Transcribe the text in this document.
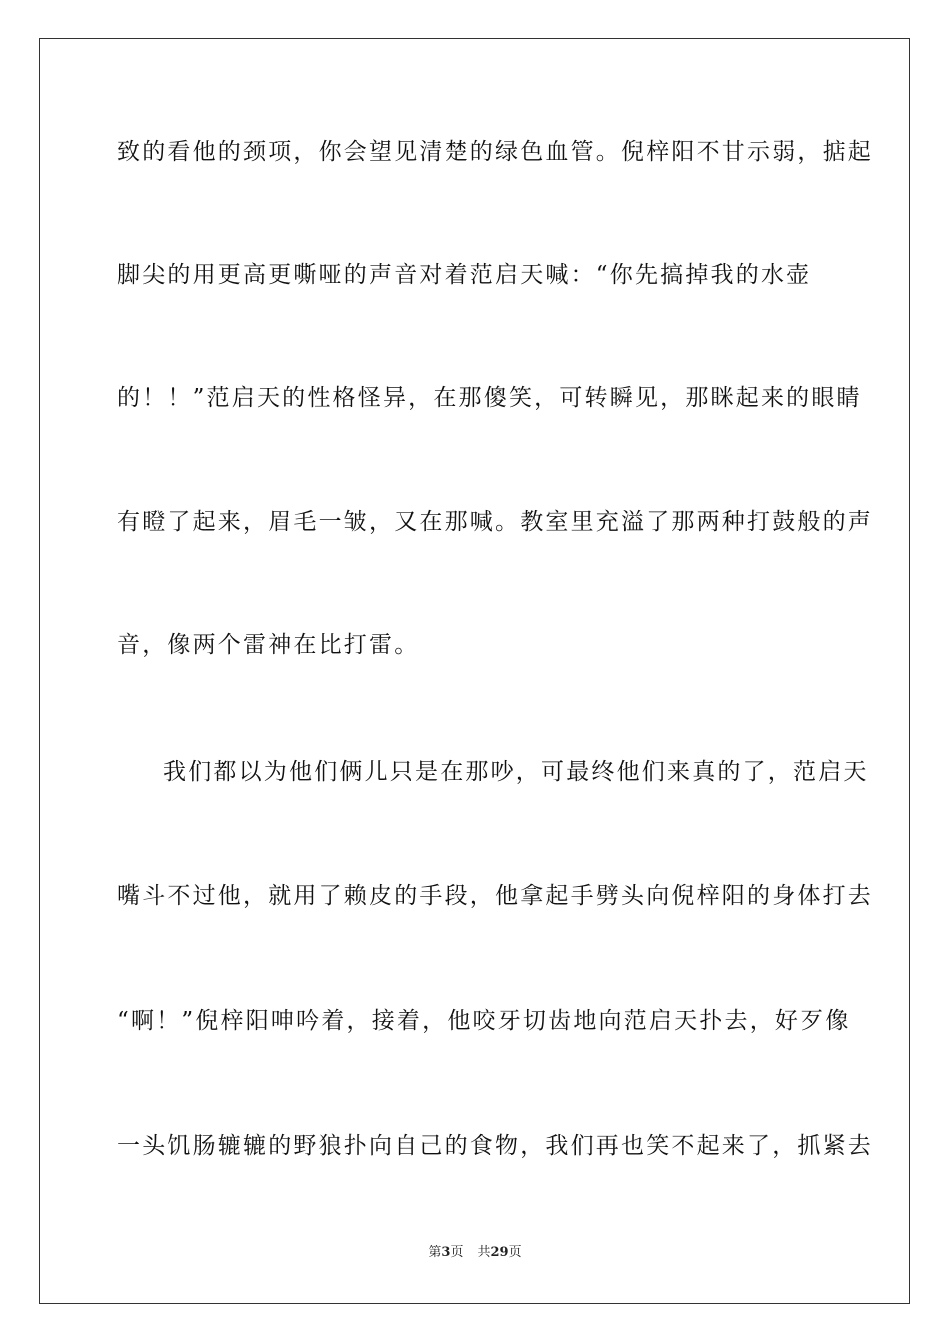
致的看他的颈项，你会望见清楚的绿色血管。倪梓阳不甘示弱，掂起
脚尖的用更高更嘶哑的声音对着范启天喊：“你先搞掉我的水壶
的！！”范启天的性格怪异，在那傻笑，可转瞬见，那眯起来的眼睛
有瞪了起来，眉毛一皱，又在那喊。教室里充溢了那两种打鼓般的声
音，像两个雷神在比打雷。
我们都以为他们俩儿只是在那吵，可最终他们来真的了，范启天
嘴斗不过他，就用了赖皮的手段，他拿起手劈头向倪梓阳的身体打去
“啊！”倪梓阳呻吟着，接着，他咬牙切齿地向范启天扑去，好歹像
一头饥肠辘辘的野狼扑向自己的食物，我们再也笑不起来了，抓紧去
第3页 共29页
